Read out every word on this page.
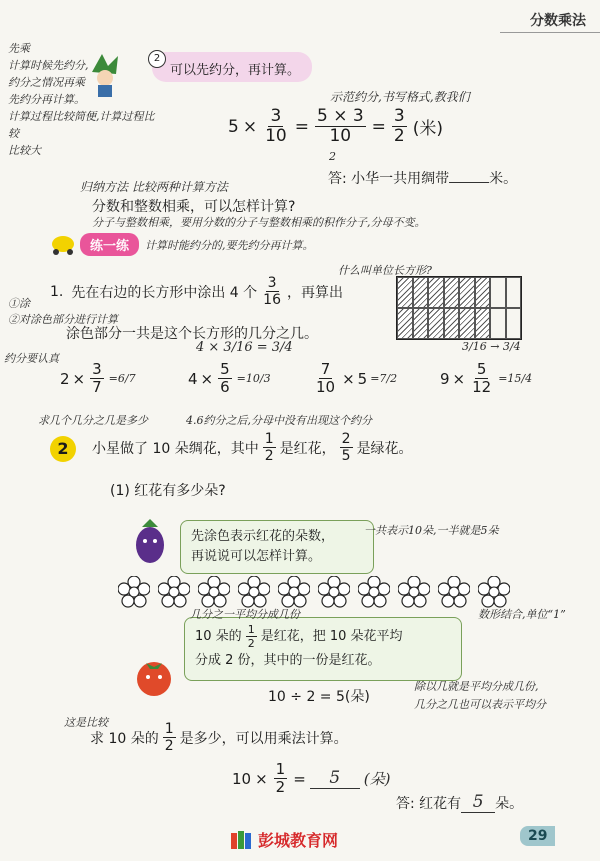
分数乘法
先乘
计算时候先约分,
约分之情况再乘
先约分再计算。
计算过程比较简便,计算过程比较
比较大
2
可以先约分，再计算。
示范约分,书写格式,教我们
$5 \times \frac{3}{10} = \frac{5 \times 3}{10} = \frac{3}{2}$ (米)
2
答: 小华一共用绸带	米。
归纳方法 比较两种计算方法
分数和整数相乘，可以怎样计算?
分子与整数相乘，要用分数的分子与整数相乘的积作分子,分母不变。
练一练	计算时能约分的,要先约分再计算。
1. 先在右边的长方形中涂出 4 个 $\frac{3}{16}$ ，再算出
①涂
②对涂色部分进行计算
涂色部分一共是这个长方形的几分之几。
4 × 3/16 = 3/4
什么叫单位长方形?
3/16 → 3/4
$2 \times \frac{3}{7} =6/7$	$4 \times \frac{5}{6} =10/3$	$\frac{7}{10} \times 5 =7/2$	$9 \times \frac{5}{12} =15/4$
约分要认真
求几个几分之几是多少	4.6约分之后,分母中没有出现这个约分
2	小星做了 10 朵绸花，其中 $\frac{1}{2}$ 是红花， $\frac{2}{5}$ 是绿花。
(1) 红花有多少朵?
先涂色表示红花的朵数，
再说说可以怎样计算。
一共表示10朵,一半就是5朵
数形结合,单位“1”
10 朵的 $\frac{1}{2}$ 是红花，把 10 朵花平均
分成 2 份，其中的一份是红花。
几分之一平均分成几份
10 ÷ 2 = 5(朵)
除以几就是平均分成几份,
几分之几也可以表示平均分
求 10 朵的 $\frac{1}{2}$ 是多少，可以用乘法计算。
这是比较
$10 \times \frac{1}{2}$ =	5	(朵)
答: 红花有 5 朵。
彭城教育网	29
